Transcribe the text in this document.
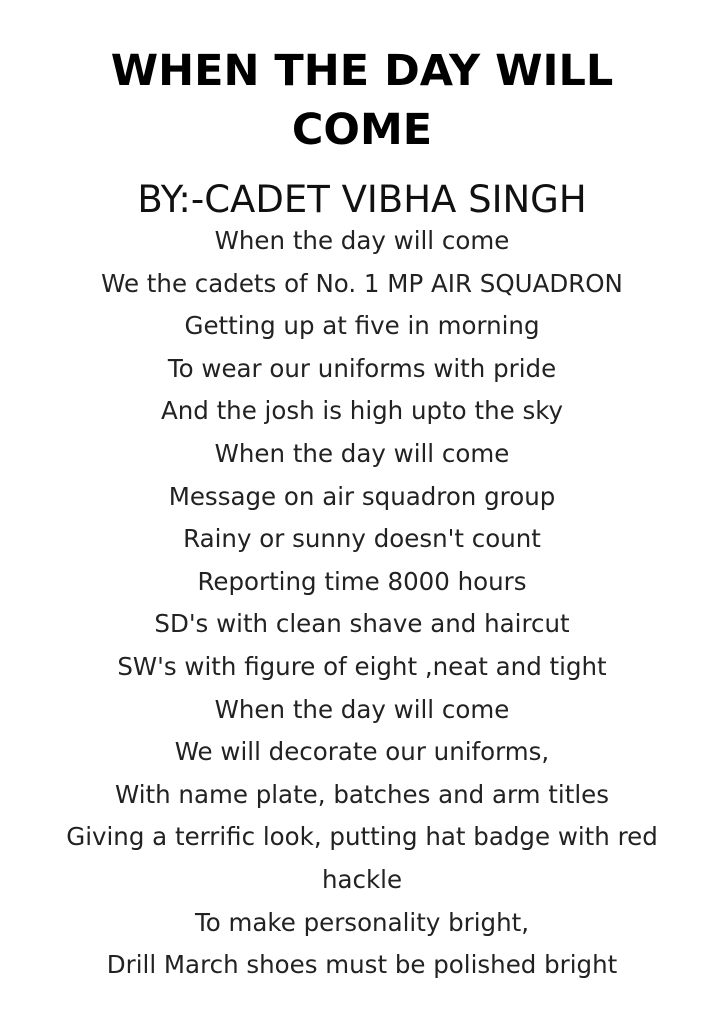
WHEN THE DAY WILL
COME

BY:-CADET VIBHA SINGH

When the day will come
We the cadets of No. 1 MP AIR SQUADRON
Getting up at five in morning
To wear our uniforms with pride
And the josh is high upto the sky
When the day will come
Message on air squadron group
Rainy or sunny doesn't count
Reporting time 8000 hours
SD's with clean shave and haircut
SW's with figure of eight ,neat and tight
When the day will come
We will decorate our uniforms,
With name plate, batches and arm titles
Giving a terrific look, putting hat badge with red
hackle
To make personality bright,
Drill March shoes must be polished bright
